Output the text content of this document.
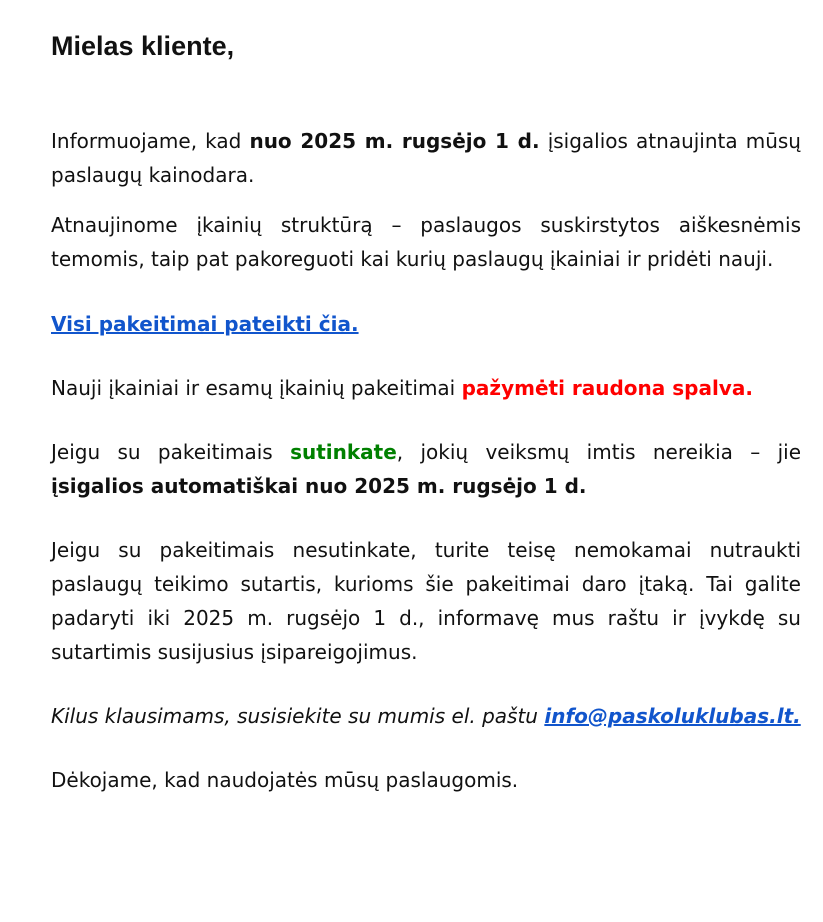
Mielas kliente,

Informuojame, kad nuo 2025 m. rugsėjo 1 d. įsigalios atnaujinta mūsų paslaugų kainodara.

Atnaujinome įkainių struktūrą – paslaugos suskirstytos aiškesnėmis temomis, taip pat pakoreguoti kai kurių paslaugų įkainiai ir pridėti nauji.

Visi pakeitimai pateikti čia.

Nauji įkainiai ir esamų įkainių pakeitimai pažymėti raudona spalva.

Jeigu su pakeitimais sutinkate, jokių veiksmų imtis nereikia – jie įsigalios automatiškai nuo 2025 m. rugsėjo 1 d.

Jeigu su pakeitimais nesutinkate, turite teisę nemokamai nutraukti paslaugų teikimo sutartis, kurioms šie pakeitimai daro įtaką. Tai galite padaryti iki 2025 m. rugsėjo 1 d., informavę mus raštu ir įvykdę su sutartimis susijusius įsipareigojimus.

Kilus klausimams, susisiekite su mumis el. paštu info@paskoluklubas.lt.

Dėkojame, kad naudojatės mūsų paslaugomis.
